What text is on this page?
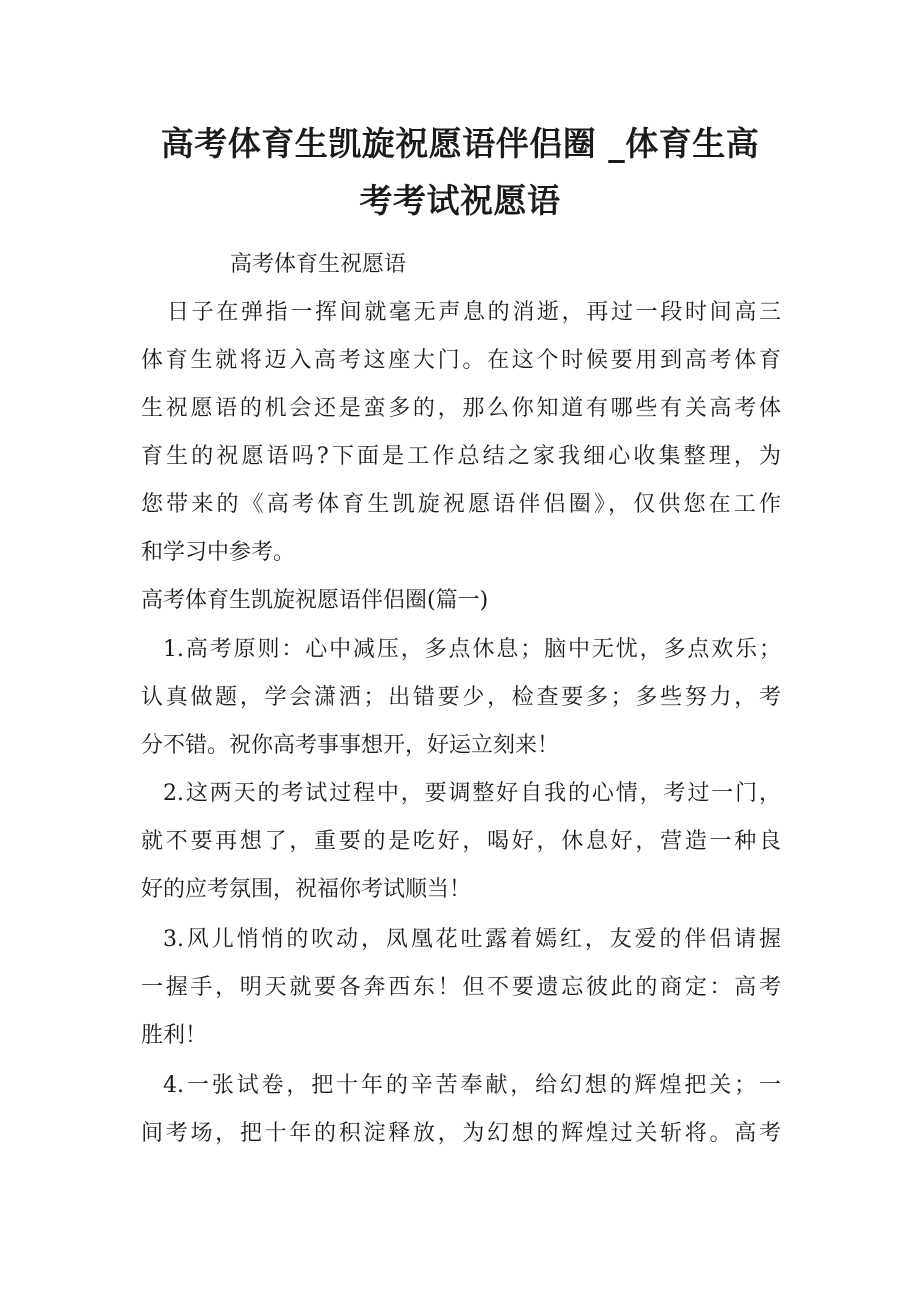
高考体育生凯旋祝愿语伴侣圈 _体育生高
考考试祝愿语
高考体育生祝愿语
日子在弹指一挥间就毫无声息的消逝，再过一段时间高三
体育生就将迈入高考这座大门。在这个时候要用到高考体育
生祝愿语的机会还是蛮多的，那么你知道有哪些有关高考体
育生的祝愿语吗?下面是工作总结之家我细心收集整理，为
您带来的《高考体育生凯旋祝愿语伴侣圈》，仅供您在工作
和学习中参考。
高考体育生凯旋祝愿语伴侣圈(篇一)
1.高考原则：心中减压，多点休息；脑中无忧，多点欢乐；
认真做题，学会潇洒；出错要少，检查要多；多些努力，考
分不错。祝你高考事事想开，好运立刻来！
2.这两天的考试过程中，要调整好自我的心情，考过一门，
就不要再想了，重要的是吃好，喝好，休息好，营造一种良
好的应考氛围，祝福你考试顺当！
3.风儿悄悄的吹动，凤凰花吐露着嫣红，友爱的伴侣请握
一握手，明天就要各奔西东！但不要遗忘彼此的商定：高考
胜利！
4.一张试卷，把十年的辛苦奉献，给幻想的辉煌把关；一
间考场，把十年的积淀释放，为幻想的辉煌过关斩将。高考
